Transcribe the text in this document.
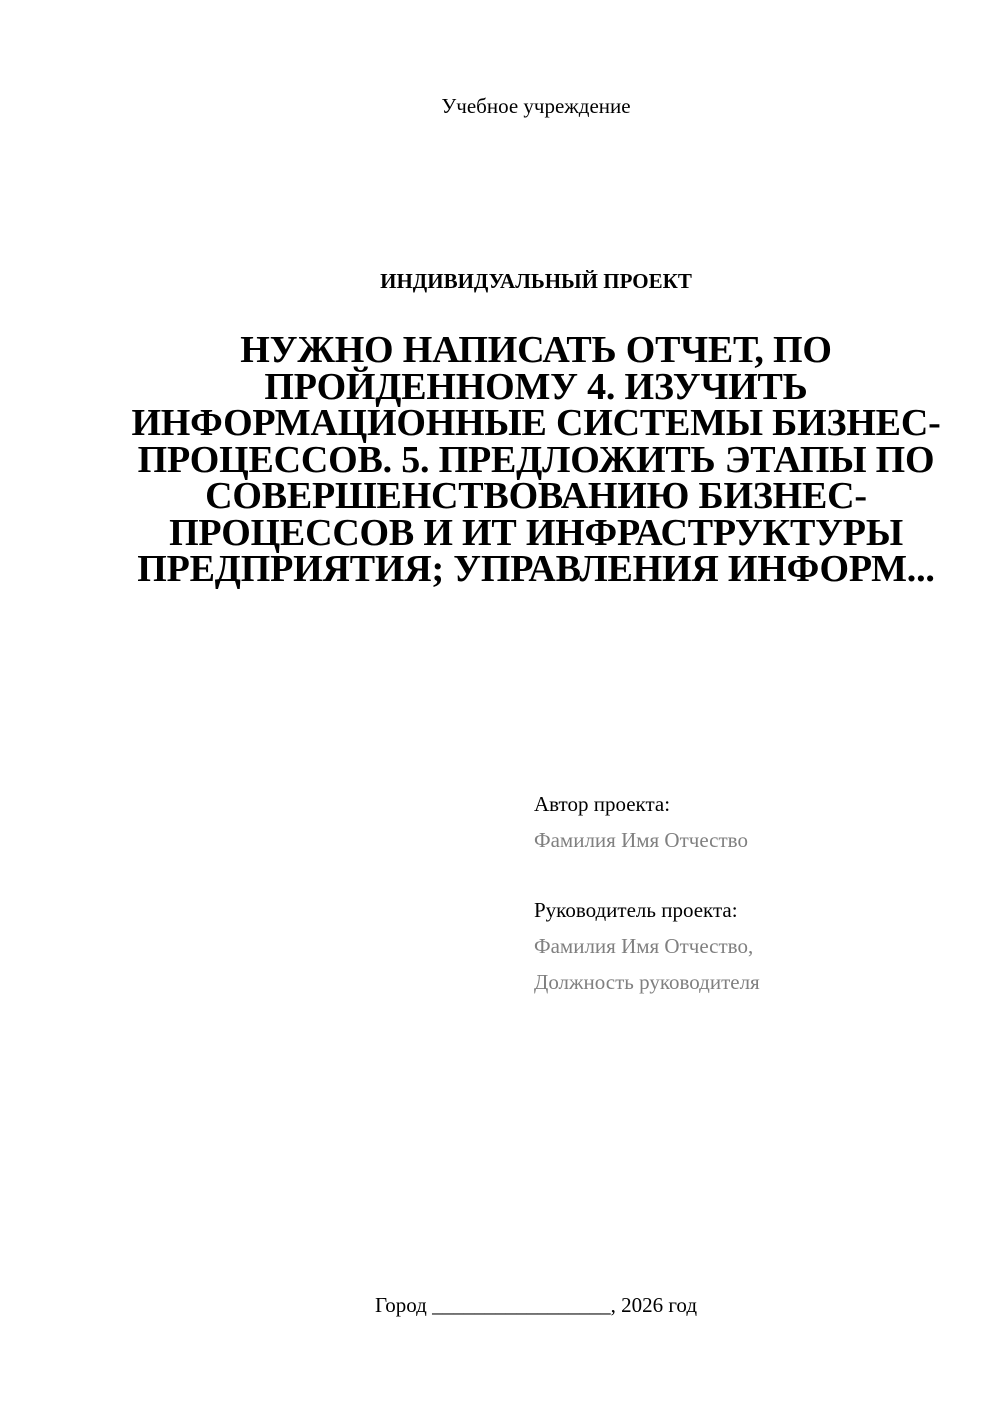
Учебное учреждение
ИНДИВИДУАЛЬНЫЙ ПРОЕКТ
НУЖНО НАПИСАТЬ ОТЧЕТ, ПО ПРОЙДЕННОМУ 4. ИЗУЧИТЬ ИНФОРМАЦИОННЫЕ СИСТЕМЫ БИЗНЕС-ПРОЦЕССОВ. 5. ПРЕДЛОЖИТЬ ЭТАПЫ ПО СОВЕРШЕНСТВОВАНИЮ БИЗНЕС-ПРОЦЕССОВ И ИТ ИНФРАСТРУКТУРЫ ПРЕДПРИЯТИЯ; УПРАВЛЕНИЯ ИНФОРМ...
Автор проекта:
Фамилия Имя Отчество
Руководитель проекта:
Фамилия Имя Отчество,
Должность руководителя
Город _________________, 2026 год
